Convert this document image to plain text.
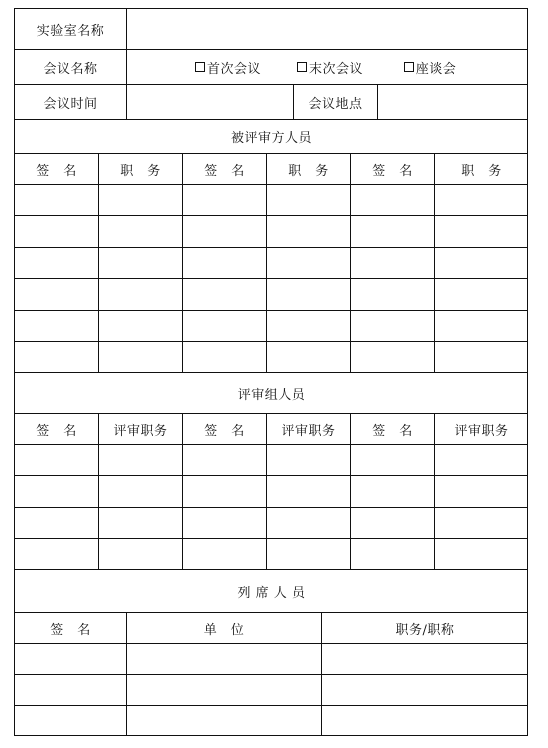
实验室名称
会议名称	首次会议	末次会议	座谈会
会议时间	会议地点
被评审方人员
签　名	职　务	签　名	职　务	签　名	职　务
评审组人员
签　名	评审职务	签　名	评审职务	签　名	评审职务
列 席 人 员
签　名	单　位	职务/职称
